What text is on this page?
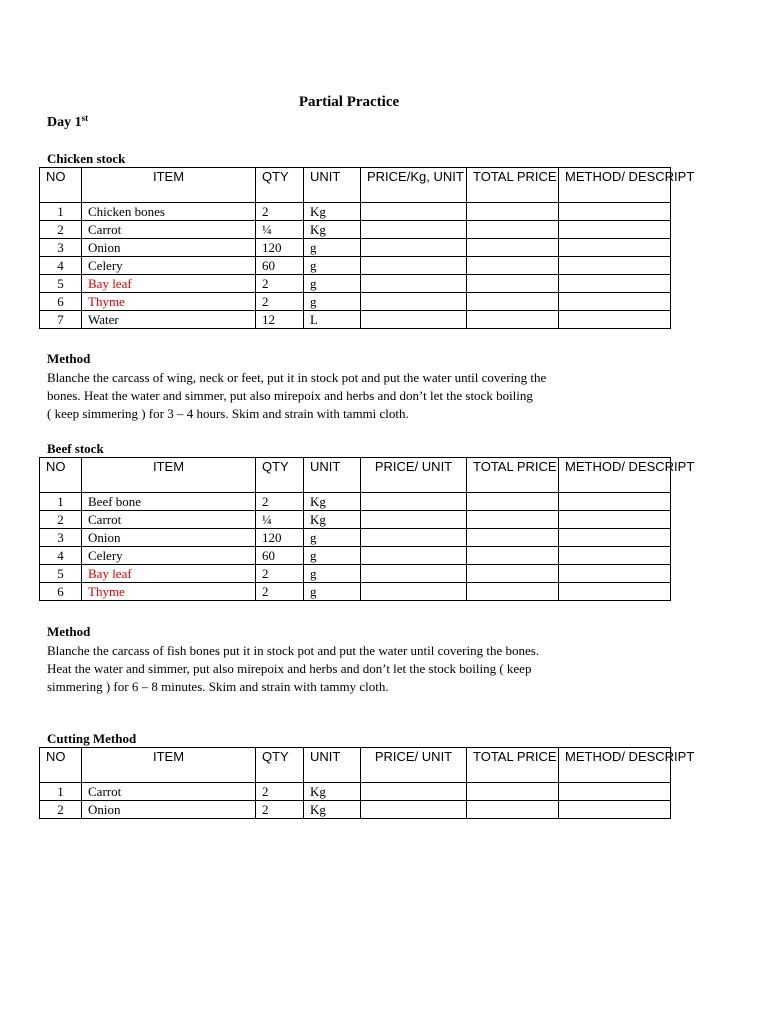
Partial Practice
Day 1st
Chicken stock
NO	ITEM	QTY	UNIT	PRICE/Kg, UNIT	TOTAL PRICE	METHOD/ DESCRIPT
1	Chicken bones	2	Kg			
2	Carrot	¼	Kg			
3	Onion	120	g			
4	Celery	60	g			
5	Bay leaf	2	g			
6	Thyme	2	g			
7	Water	12	L			
Method
Blanche the carcass of wing, neck or feet, put it in stock pot and put the water until covering the
bones. Heat the water and simmer, put also mirepoix and herbs and don’t let the stock boiling
( keep simmering ) for 3 – 4 hours. Skim and strain with tammi cloth.
Beef stock
NO	ITEM	QTY	UNIT	PRICE/ UNIT	TOTAL PRICE	METHOD/ DESCRIPT
1	Beef bone	2	Kg			
2	Carrot	¼	Kg			
3	Onion	120	g			
4	Celery	60	g			
5	Bay leaf	2	g			
6	Thyme	2	g			
Method
Blanche the carcass of fish bones put it in stock pot and put the water until covering the bones.
Heat the water and simmer, put also mirepoix and herbs and don’t let the stock boiling ( keep
simmering ) for 6 – 8 minutes. Skim and strain with tammy cloth.
Cutting Method
NO	ITEM	QTY	UNIT	PRICE/ UNIT	TOTAL PRICE	METHOD/ DESCRIPT
1	Carrot	2	Kg			
2	Onion	2	Kg			
